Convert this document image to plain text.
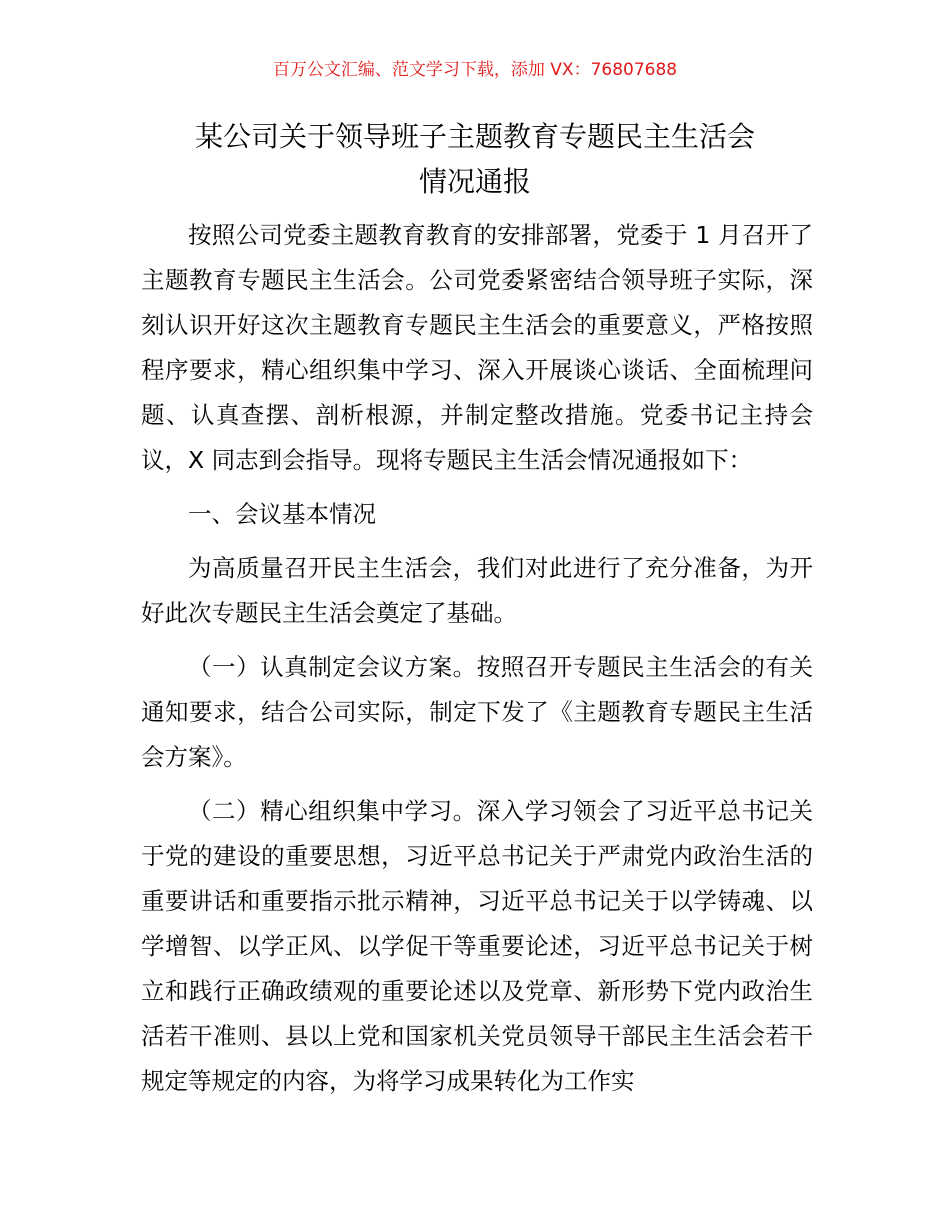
百万公文汇编、范文学习下载，添加 VX：76807688
某公司关于领导班子主题教育专题民主生活会
情况通报

按照公司党委主题教育教育的安排部署，党委于 1 月召开了主题教育专题民主生活会。公司党委紧密结合领导班子实际，深刻认识开好这次主题教育专题民主生活会的重要意义，严格按照程序要求，精心组织集中学习、深入开展谈心谈话、全面梳理问题、认真查摆、剖析根源，并制定整改措施。党委书记主持会议，X 同志到会指导。现将专题民主生活会情况通报如下：

一、会议基本情况

为高质量召开民主生活会，我们对此进行了充分准备，为开好此次专题民主生活会奠定了基础。

（一）认真制定会议方案。按照召开专题民主生活会的有关通知要求，结合公司实际，制定下发了《主题教育专题民主生活会方案》。

（二）精心组织集中学习。深入学习领会了习近平总书记关于党的建设的重要思想，习近平总书记关于严肃党内政治生活的重要讲话和重要指示批示精神，习近平总书记关于以学铸魂、以学增智、以学正风、以学促干等重要论述，习近平总书记关于树立和践行正确政绩观的重要论述以及党章、新形势下党内政治生活若干准则、县以上党和国家机关党员领导干部民主生活会若干规定等规定的内容，为将学习成果转化为工作实
